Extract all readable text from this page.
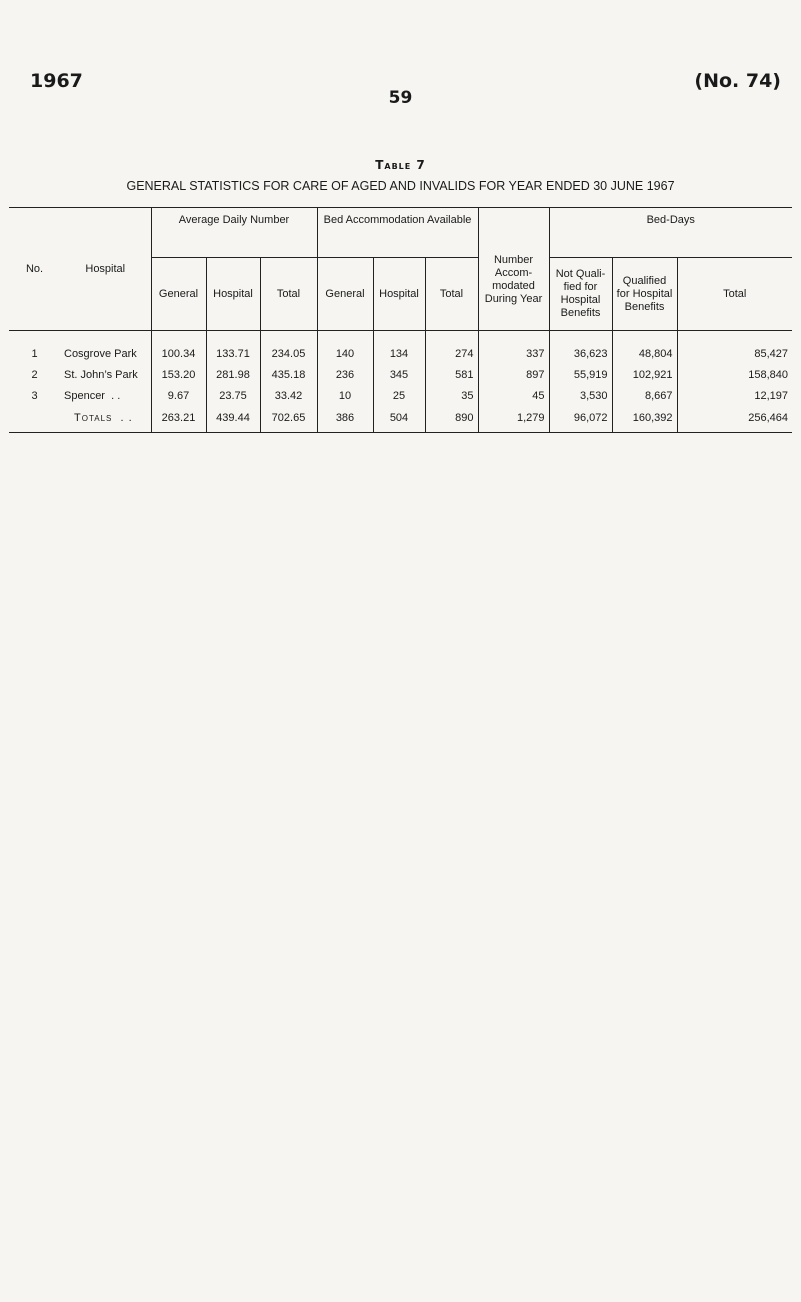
1967	(No. 74)
59
Table 7
GENERAL STATISTICS FOR CARE OF AGED AND INVALIDS FOR YEAR ENDED 30 JUNE 1967
No.	Hospital	Average Daily Number			Bed Accommodation Available			Number Accom- modated During Year	Bed-Days		
		General	Hospital	Total	General	Hospital	Total		Not Quali- fied for Hospital Benefits	Qualified for Hospital Benefits	Total
1	Cosgrove Park	100.34	133.71	234.05	140	134	274	337	36,623	48,804	85,427
2	St. John’s Park	153.20	281.98	435.18	236	345	581	897	55,919	102,921	158,840
3	Spencer  . .	9.67	23.75	33.42	10	25	35	45	3,530	8,667	12,197
	Totals  . .	263.21	439.44	702.65	386	504	890	1,279	96,072	160,392	256,464
